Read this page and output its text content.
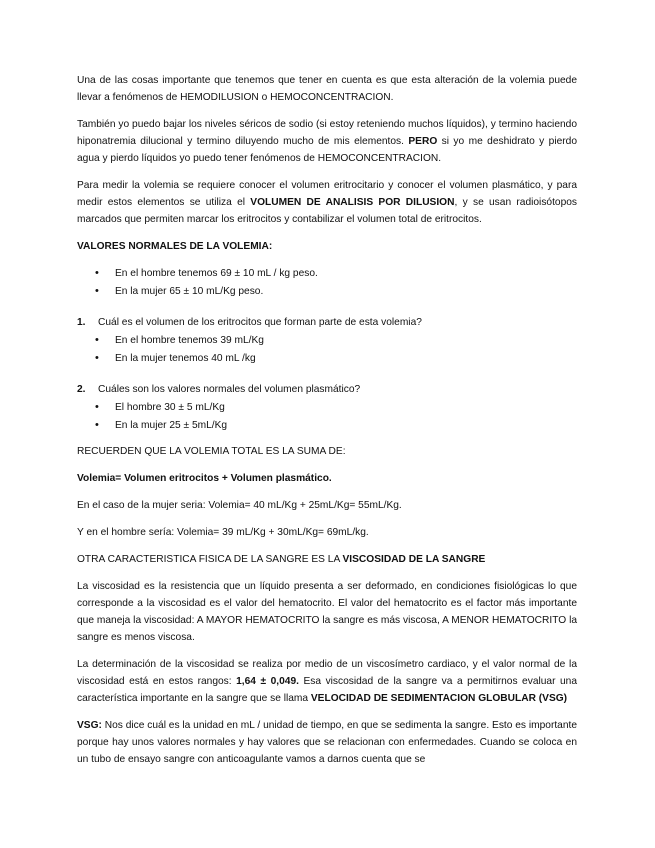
Una de las cosas importante que tenemos que tener en cuenta es que esta alteración de la volemia puede llevar a fenómenos de HEMODILUSION o HEMOCONCENTRACION.

También yo puedo bajar los niveles séricos de sodio (si estoy reteniendo muchos líquidos), y termino haciendo hiponatremia dilucional y termino diluyendo mucho de mis elementos. PERO si yo me deshidrato y pierdo agua y pierdo líquidos yo puedo tener fenómenos de HEMOCONCENTRACION.

Para medir la volemia se requiere conocer el volumen eritrocitario y conocer el volumen plasmático, y para medir estos elementos se utiliza el VOLUMEN DE ANALISIS POR DILUSION, y se usan radioisótopos marcados que permiten marcar los eritrocitos y contabilizar el volumen total de eritrocitos.

VALORES NORMALES DE LA VOLEMIA:

• En el hombre tenemos 69 ± 10 mL / kg peso.
• En la mujer 65 ± 10 mL/Kg peso.
1. Cuál es el volumen de los eritrocitos que forman parte de esta volemia?
• En el hombre tenemos 39 mL/Kg
• En la mujer tenemos 40 mL /kg
2. Cuáles son los valores normales del volumen plasmático?
• El hombre 30 ± 5 mL/Kg
• En la mujer 25 ± 5mL/Kg

RECUERDEN QUE LA VOLEMIA TOTAL ES LA SUMA DE:

Volemia= Volumen eritrocitos + Volumen plasmático.

En el caso de la mujer seria: Volemia= 40 mL/Kg + 25mL/Kg= 55mL/Kg.

Y en el hombre sería: Volemia= 39 mL/Kg + 30mL/Kg= 69mL/kg.

OTRA CARACTERISTICA FISICA DE LA SANGRE ES LA VISCOSIDAD DE LA SANGRE

La viscosidad es la resistencia que un líquido presenta a ser deformado, en condiciones fisiológicas lo que corresponde a la viscosidad es el valor del hematocrito. El valor del hematocrito es el factor más importante que maneja la viscosidad: A MAYOR HEMATOCRITO la sangre es más viscosa, A MENOR HEMATOCRITO la sangre es menos viscosa.

La determinación de la viscosidad se realiza por medio de un viscosímetro cardiaco, y el valor normal de la viscosidad está en estos rangos: 1,64 ± 0,049. Esa viscosidad de la sangre va a permitirnos evaluar una característica importante en la sangre que se llama VELOCIDAD DE SEDIMENTACION GLOBULAR (VSG)

VSG: Nos dice cuál es la unidad en mL / unidad de tiempo, en que se sedimenta la sangre. Esto es importante porque hay unos valores normales y hay valores que se relacionan con enfermedades. Cuando se coloca en un tubo de ensayo sangre con anticoagulante vamos a darnos cuenta que se
